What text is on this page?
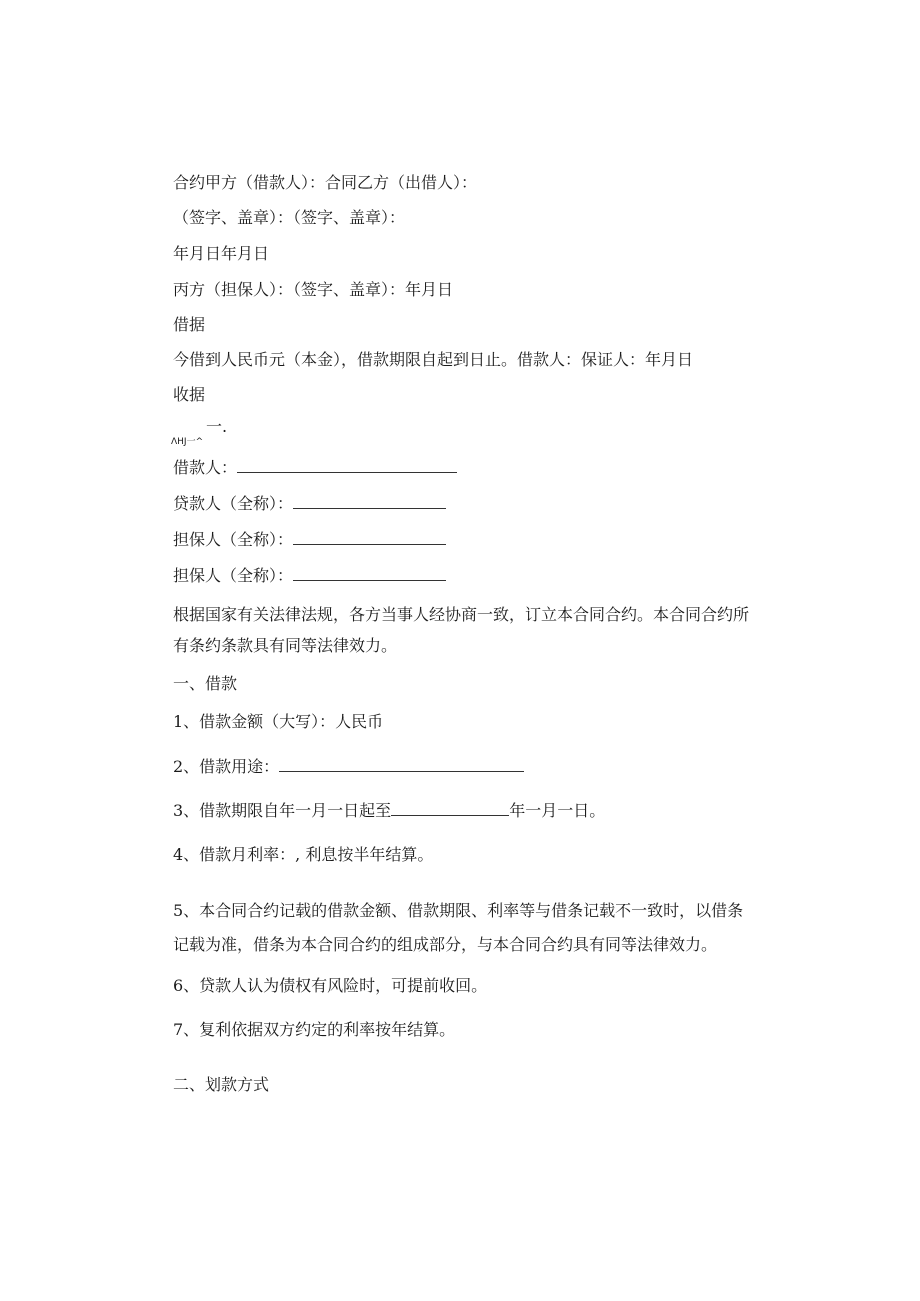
合约甲方（借款人）：合同乙方（出借人）：
（签字、盖章）：（签字、盖章）：
年月日年月日
丙方（担保人）：（签字、盖章）：年月日
借据
今借到人民币元（本金），借款期限自起到日止。借款人：保证人：年月日
收据
一.
ΛHJ一^
借款人：
贷款人（全称）：
担保人（全称）：
担保人（全称）：
根据国家有关法律法规，各方当事人经协商一致，订立本合同合约。本合同合约所
有条约条款具有同等法律效力。
一、借款
1、借款金额（大写）：人民币
2、借款用途：
3、借款期限自年一月一日起至	年一月一日。
4、借款月利率：, 利息按半年结算。
5、本合同合约记载的借款金额、借款期限、利率等与借条记载不一致时，以借条
记载为准，借条为本合同合约的组成部分，与本合同合约具有同等法律效力。
6、贷款人认为债权有风险时，可提前收回。
7、复利依据双方约定的利率按年结算。
二、划款方式
